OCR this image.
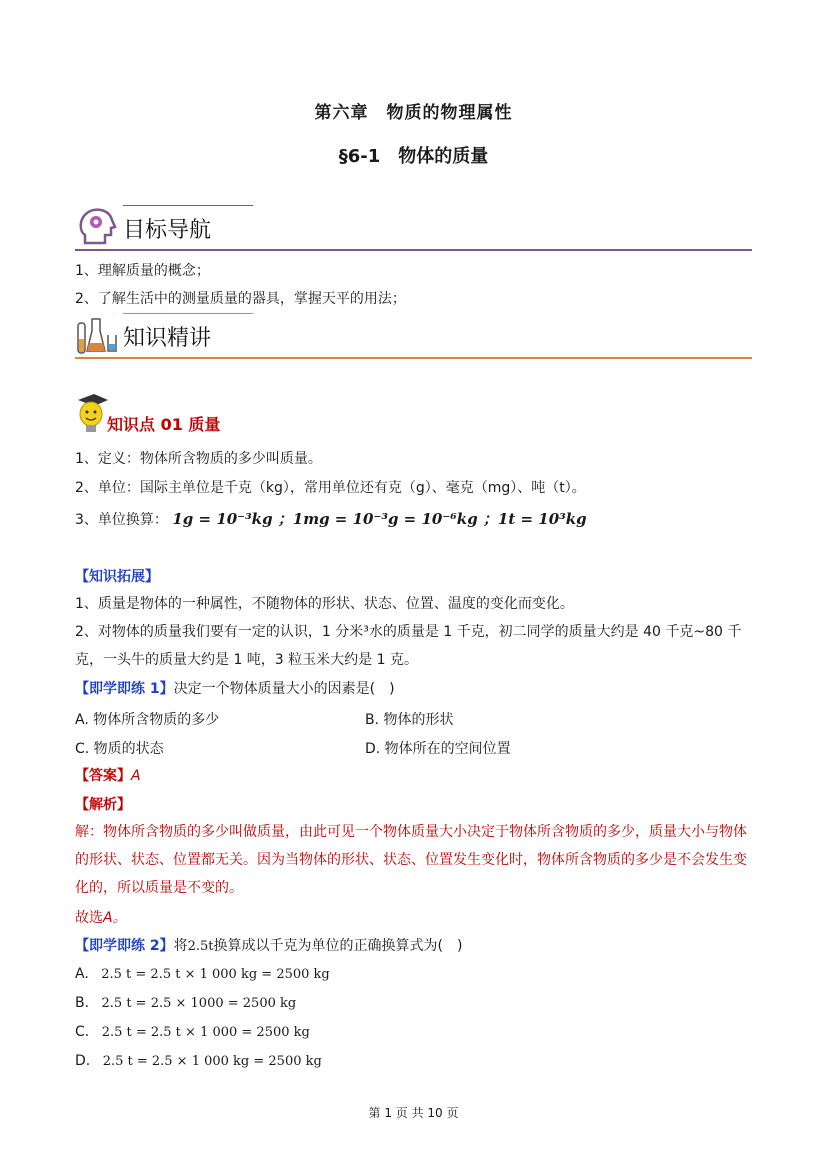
第六章　物质的物理属性
§6-1　物体的质量
目标导航
1、理解质量的概念；
2、了解生活中的测量质量的器具，掌握天平的用法；
知识精讲
知识点 01 质量
1、定义：物体所含物质的多少叫质量。
2、单位：国际主单位是千克（kg），常用单位还有克（g）、毫克（mg）、吨（t）。
3、单位换算： 1g = 10⁻³kg ；1mg = 10⁻³g = 10⁻⁶kg ；1t = 10³kg
【知识拓展】
1、质量是物体的一种属性，不随物体的形状、状态、位置、温度的变化而变化。
2、对物体的质量我们要有一定的认识，1 分米³水的质量是 1 千克，初二同学的质量大约是 40 千克~80 千克，一头牛的质量大约是 1 吨，3 粒玉米大约是 1 克。
【即学即练 1】决定一个物体质量大小的因素是(　)
A. 物体所含物质的多少	B. 物体的形状
C. 物质的状态	D. 物体所在的空间位置
【答案】A
【解析】
解：物体所含物质的多少叫做质量，由此可见一个物体质量大小决定于物体所含物质的多少，质量大小与物体的形状、状态、位置都无关。因为当物体的形状、状态、位置发生变化时，物体所含物质的多少是不会发生变化的，所以质量是不变的。
故选A。
【即学即练 2】将2.5t换算成以千克为单位的正确换算式为(　)
A. 2.5 t = 2.5 t × 1 000 kg = 2500 kg
B. 2.5 t = 2.5 × 1000 = 2500 kg
C. 2.5 t = 2.5 t × 1 000 = 2500 kg
D. 2.5 t = 2.5 × 1 000 kg = 2500 kg
第 1 页 共 10 页
